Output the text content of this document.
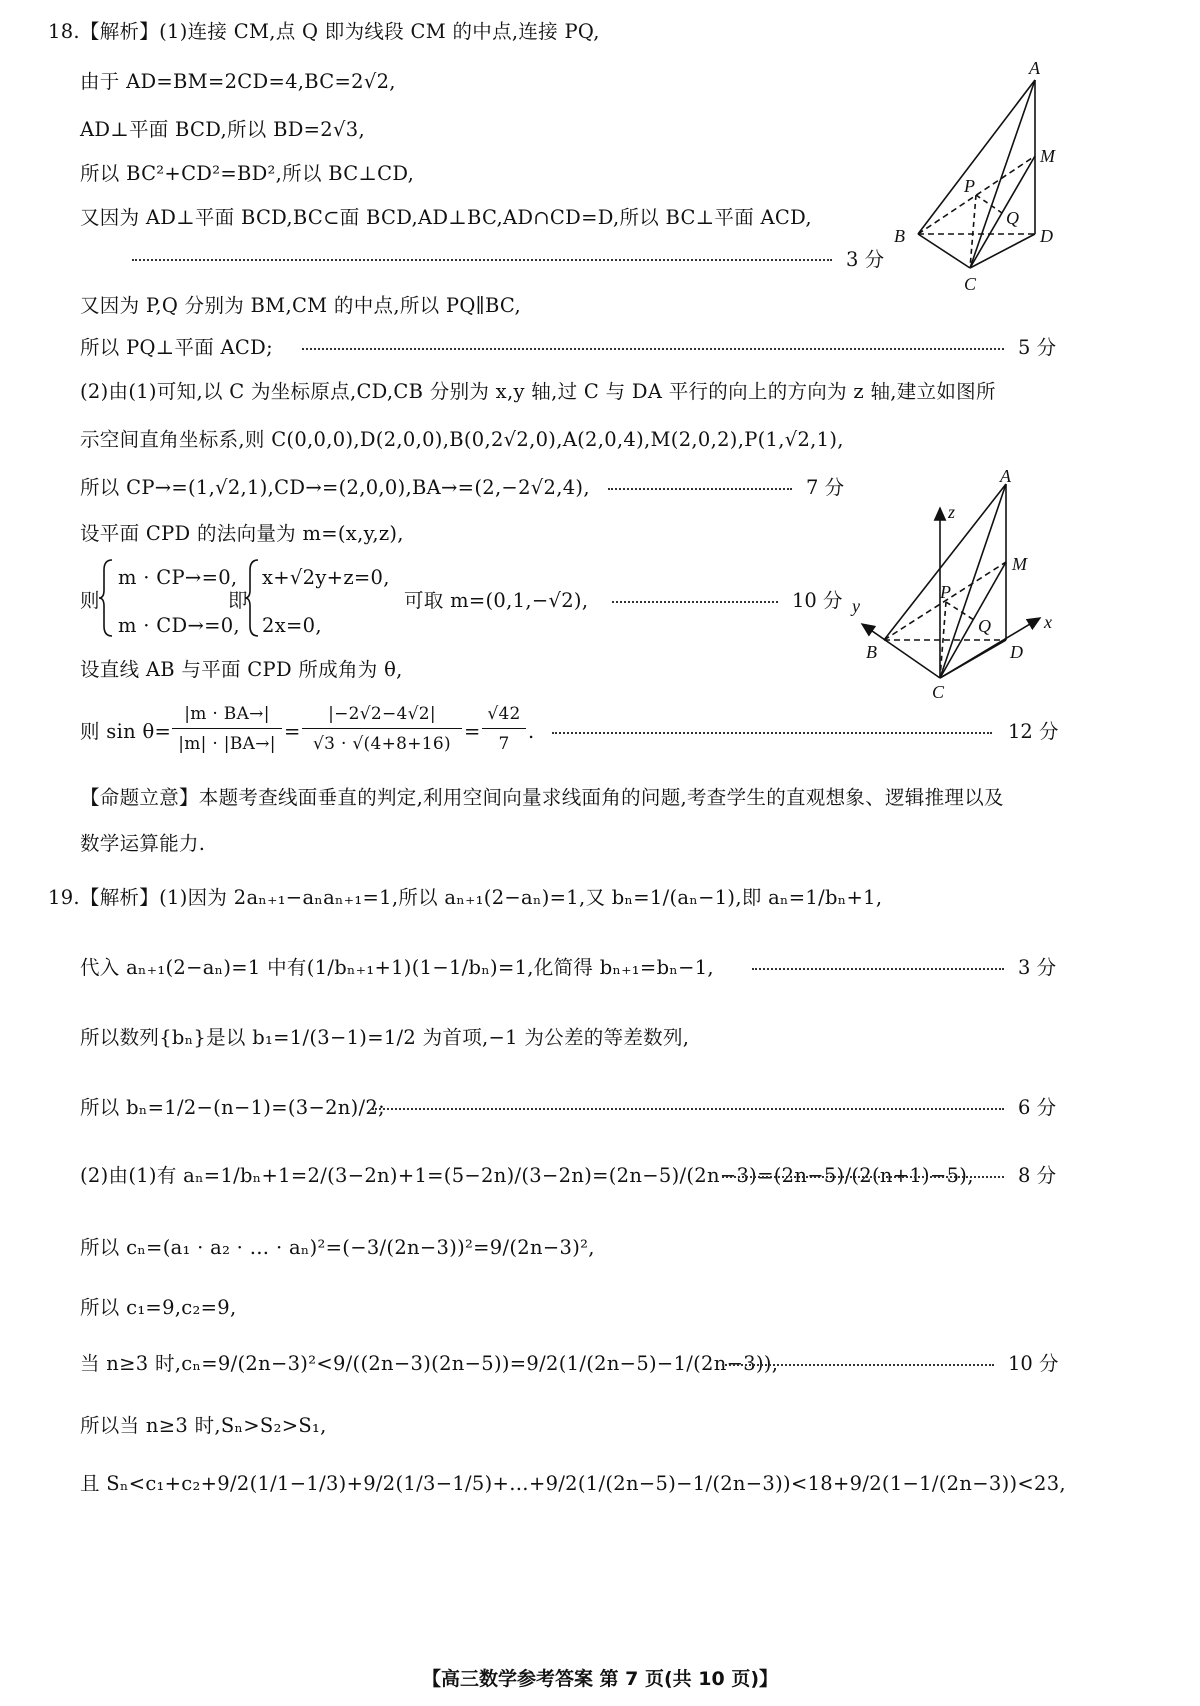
18.【解析】(1)连接 CM,点 Q 即为线段 CM 的中点,连接 PQ,
由于 AD=BM=2CD=4,BC=2√2,
AD⊥平面 BCD,所以 BD=2√3,
所以 BC²+CD²=BD²,所以 BC⊥CD,
又因为 AD⊥平面 BCD,BC⊂面 BCD,AD⊥BC,AD∩CD=D,所以 BC⊥平面 ACD,
3 分
又因为 P,Q 分别为 BM,CM 的中点,所以 PQ∥BC,
所以 PQ⊥平面 ACD;	5 分
(2)由(1)可知,以 C 为坐标原点,CD,CB 分别为 x,y 轴,过 C 与 DA 平行的向上的方向为 z 轴,建立如图所
示空间直角坐标系,则 C(0,0,0),D(2,0,0),B(0,2√2,0),A(2,0,4),M(2,0,2),P(1,√2,1),
所以 CP→=(1,√2,1),CD→=(2,0,0),BA→=(2,−2√2,4),	7 分
设平面 CPD 的法向量为 m=(x,y,z),
则
m · CP→=0,
m · CD→=0,
即
x+√2y+z=0,
2x=0,
可取 m=(0,1,−√2),	10 分
设直线 AB 与平面 CPD 所成角为 θ,
则 sin θ=
|m · BA→|
|m| · |BA→|
=
|−2√2−4√2|
√3 · √(4+8+16)
=
√42
7
.	12 分
【命题立意】本题考查线面垂直的判定,利用空间向量求线面角的问题,考查学生的直观想象、逻辑推理以及
数学运算能力.
A
M
P
Q
B	D
C
A
M
P
Q
B	D
C
z
y
x
19.【解析】(1)因为 2aₙ₊₁−aₙaₙ₊₁=1,所以 aₙ₊₁(2−aₙ)=1,又 bₙ=1/(aₙ−1),即 aₙ=1/bₙ+1,
代入 aₙ₊₁(2−aₙ)=1 中有(1/bₙ₊₁+1)(1−1/bₙ)=1,化简得 bₙ₊₁=bₙ−1,	3 分
所以数列{bₙ}是以 b₁=1/(3−1)=1/2 为首项,−1 为公差的等差数列,
所以 bₙ=1/2−(n−1)=(3−2n)/2;	6 分
(2)由(1)有 aₙ=1/bₙ+1=2/(3−2n)+1=(5−2n)/(3−2n)=(2n−5)/(2n−3)=(2n−5)/(2(n+1)−5), 8 分
所以 cₙ=(a₁ · a₂ · … · aₙ)²=(−3/(2n−3))²=9/(2n−3)²,
所以 c₁=9,c₂=9,
当 n≥3 时,cₙ=9/(2n−3)²<9/((2n−3)(2n−5))=9/2(1/(2n−5)−1/(2n−3)),	10 分
所以当 n≥3 时,Sₙ>S₂>S₁,
且 Sₙ<c₁+c₂+9/2(1/1−1/3)+9/2(1/3−1/5)+…+9/2(1/(2n−5)−1/(2n−3))<18+9/2(1−1/(2n−3))<23,
【高三数学参考答案 第 7 页(共 10 页)】
